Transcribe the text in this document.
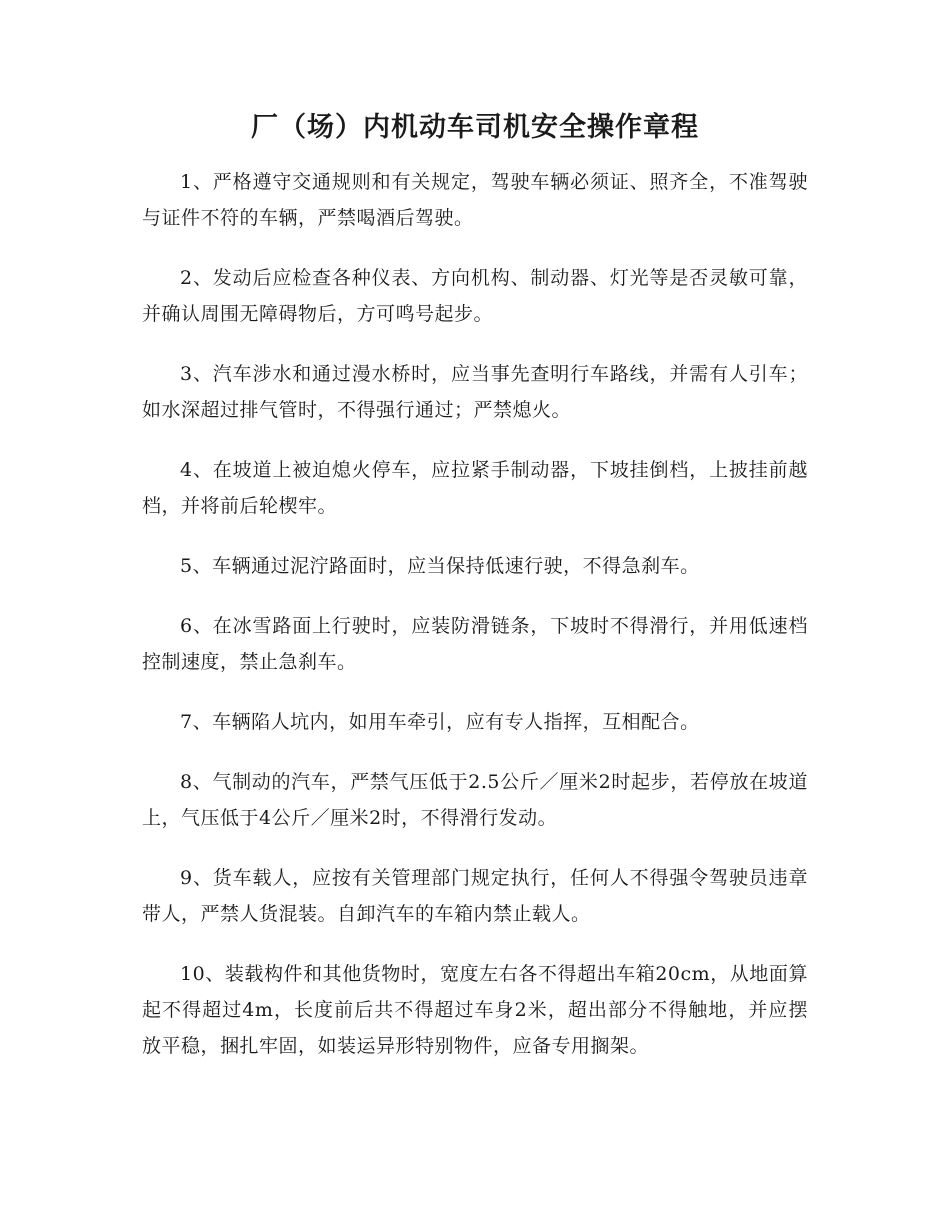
厂（场）内机动车司机安全操作章程

1、严格遵守交通规则和有关规定，驾驶车辆必须证、照齐全，不准驾驶与证件不符的车辆，严禁喝酒后驾驶。

2、发动后应检查各种仪表、方向机构、制动器、灯光等是否灵敏可靠，并确认周围无障碍物后，方可鸣号起步。

3、汽车涉水和通过漫水桥时，应当事先查明行车路线，并需有人引车；如水深超过排气管时，不得强行通过；严禁熄火。

4、在坡道上被迫熄火停车，应拉紧手制动器，下坡挂倒档，上披挂前越档，并将前后轮楔牢。

5、车辆通过泥泞路面时，应当保持低速行驶，不得急刹车。

6、在冰雪路面上行驶时，应装防滑链条，下坡时不得滑行，并用低速档控制速度，禁止急刹车。

7、车辆陷人坑内，如用车牵引，应有专人指挥，互相配合。

8、气制动的汽车，严禁气压低于2.5公斤／厘米2时起步，若停放在坡道上，气压低于4公斤／厘米2时，不得滑行发动。

9、货车载人，应按有关管理部门规定执行，任何人不得强令驾驶员违章带人，严禁人货混装。自卸汽车的车箱内禁止载人。

10、装载构件和其他货物时，宽度左右各不得超出车箱20cm，从地面算起不得超过4m，长度前后共不得超过车身2米，超出部分不得触地，并应摆放平稳，捆扎牢固，如装运异形特别物件，应备专用搁架。
